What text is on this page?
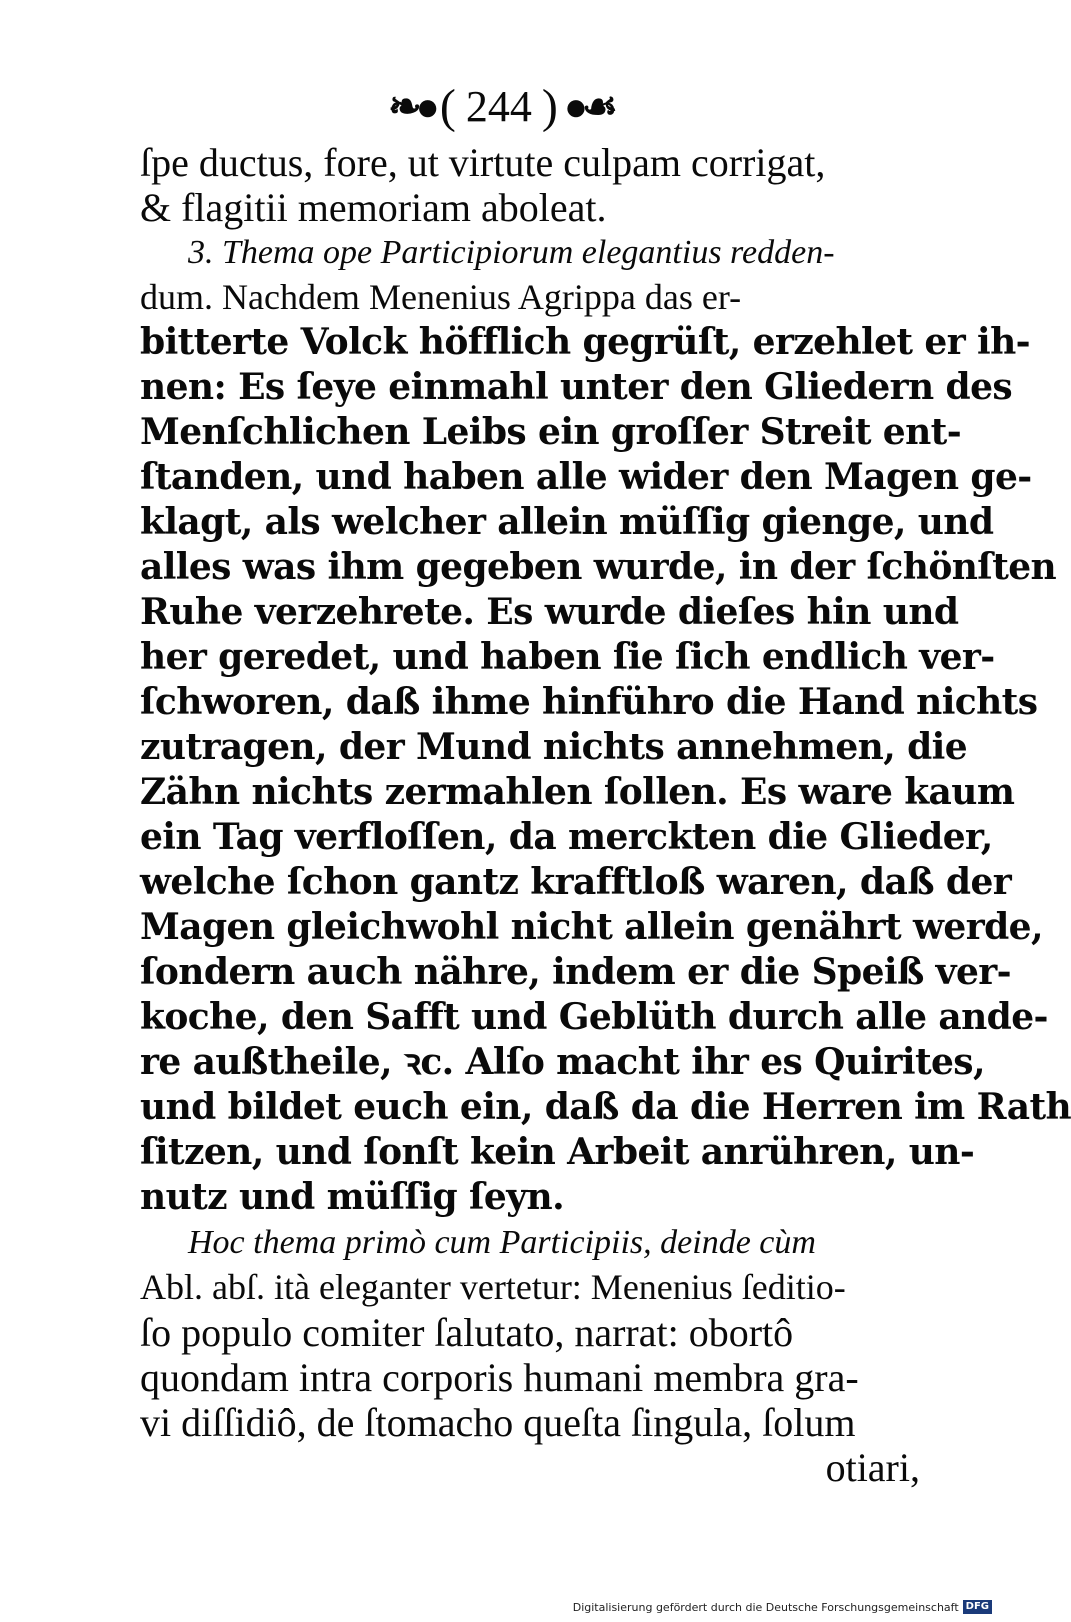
❧● ( 244 ) ●☙
ſpe ductus, fore, ut virtute culpam corrigat,
& flagitii memoriam aboleat.
3. Thema ope Participiorum elegantius redden-
dum. Nachdem Menenius Agrippa das er-
bitterte Volck höfflich gegrüſt, erzehlet er ih-
nen: Es ſeye einmahl unter den Gliedern des
Menſchlichen Leibs ein groſſer Streit ent-
ſtanden, und haben alle wider den Magen ge-
klagt, als welcher allein müſſig gienge, und
alles was ihm gegeben wurde, in der ſchönſten
Ruhe verzehrete. Es wurde dieſes hin und
her geredet, und haben ſie ſich endlich ver-
ſchworen, daß ihme hinführo die Hand nichts
zutragen, der Mund nichts annehmen, die
Zähn nichts zermahlen ſollen. Es ware kaum
ein Tag verfloſſen, da merckten die Glieder,
welche ſchon gantz krafftloß waren, daß der
Magen gleichwohl nicht allein genährt werde,
ſondern auch nähre, indem er die Speiß ver-
koche, den Safft und Geblüth durch alle ande-
re außtheile, ꝛc. Alſo macht ihr es Quirites,
und bildet euch ein, daß da die Herren im Rath
ſitzen, und ſonſt kein Arbeit anrühren, un-
nutz und müſſig ſeyn.
Hoc thema primò cum Participiis, deinde cùm
Abl. abſ. ità eleganter vertetur: Menenius ſeditio-
ſo populo comiter ſalutato, narrat: obortô
quondam intra corporis humani membra gra-
vi diſſidiô, de ſtomacho queſta ſingula, ſolum
otiari,
Digitalisierung gefördert durch die Deutsche Forschungsgemeinschaft DFG
